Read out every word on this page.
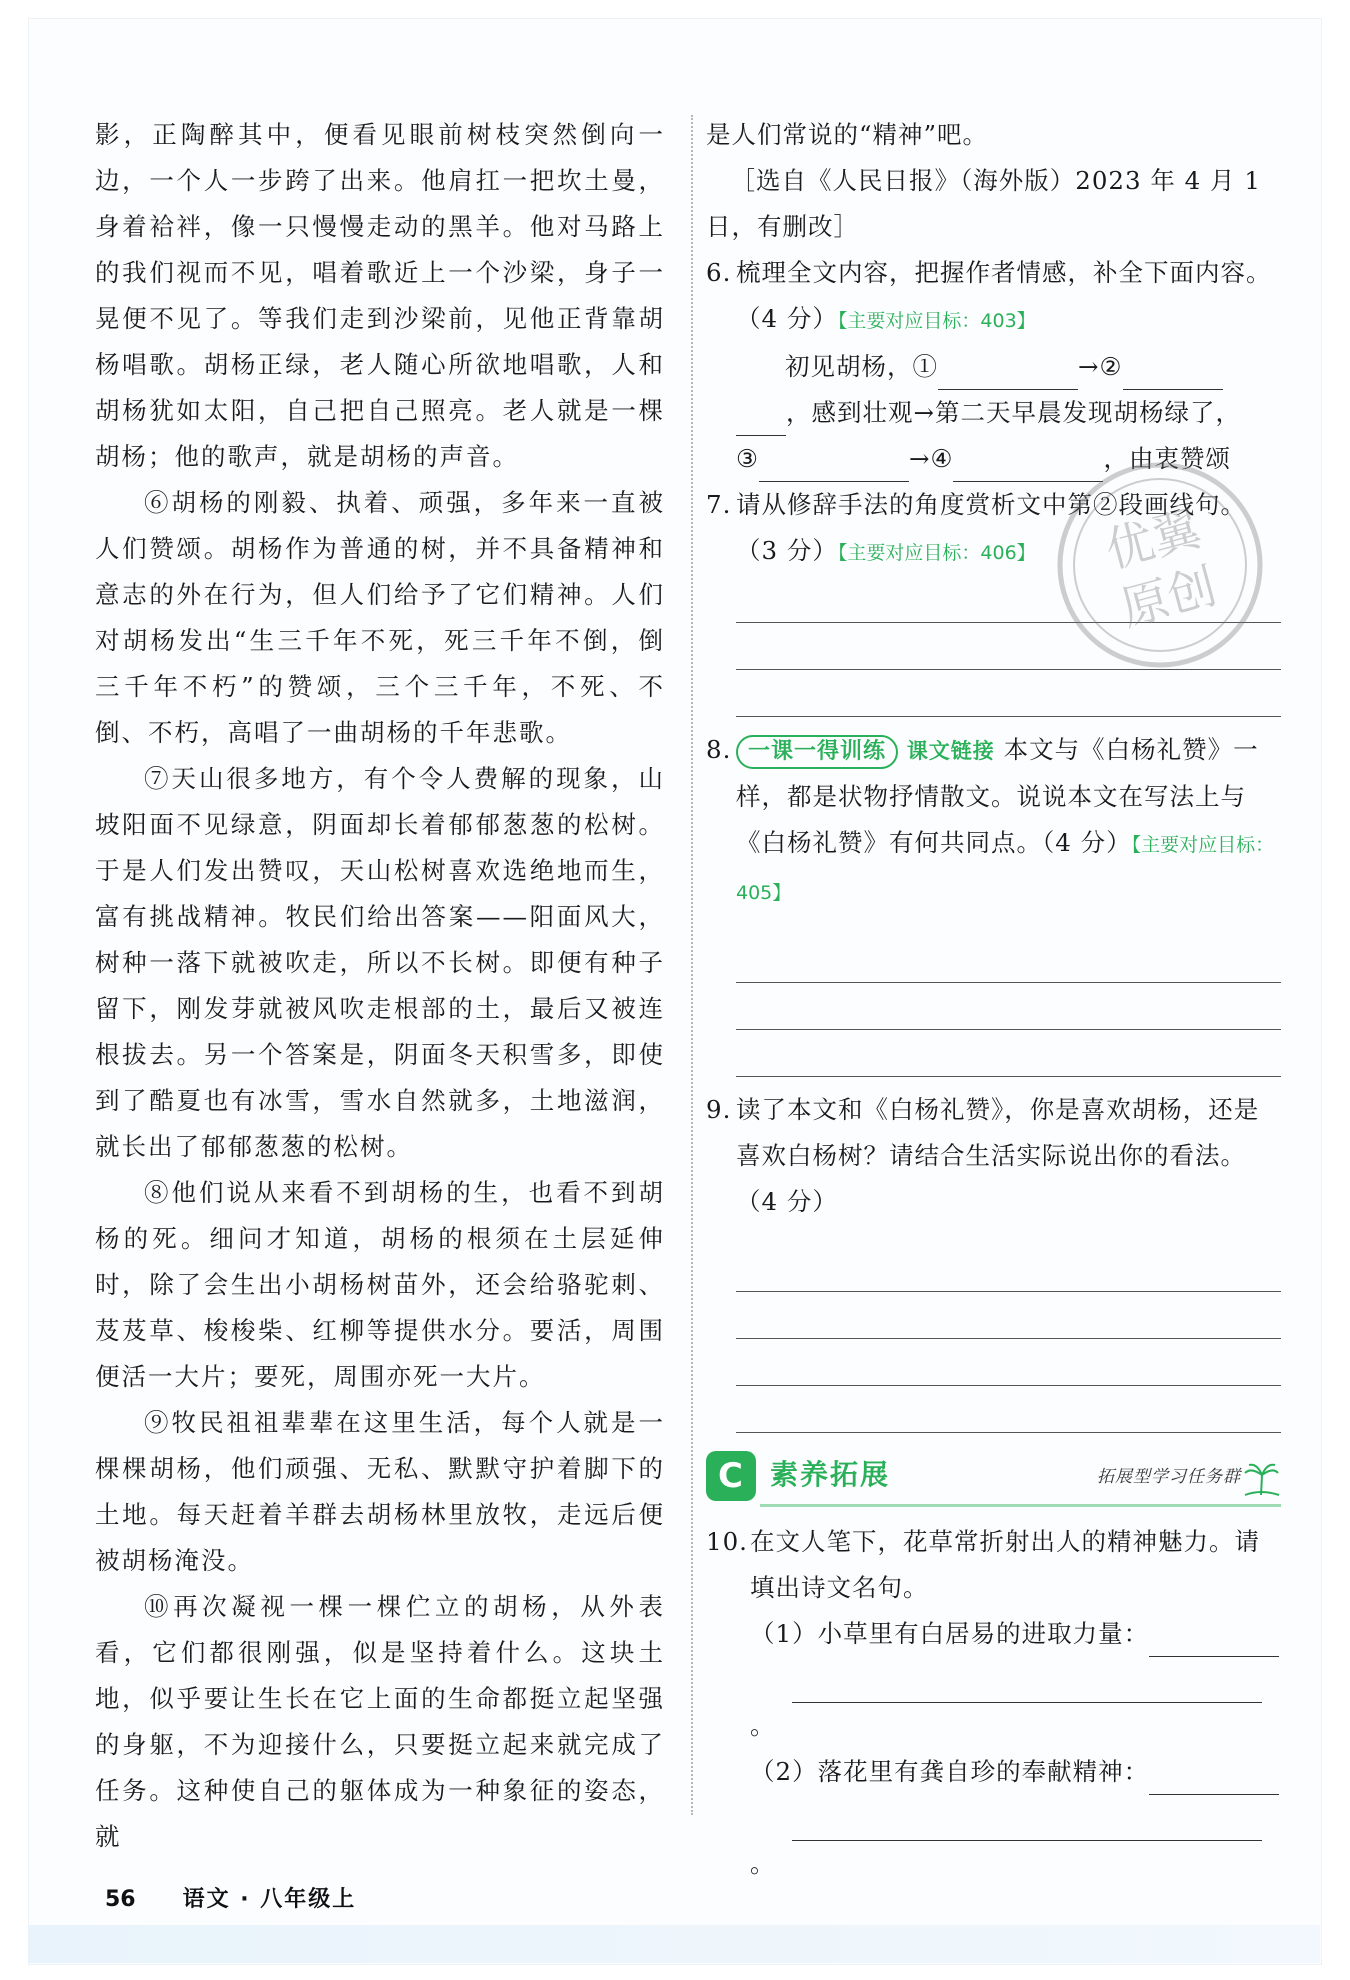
影，正陶醉其中，便看见眼前树枝突然倒向一边，一个人一步跨了出来。他肩扛一把坎土曼，身着袷袢，像一只慢慢走动的黑羊。他对马路上的我们视而不见，唱着歌近上一个沙梁，身子一晃便不见了。等我们走到沙梁前，见他正背靠胡杨唱歌。胡杨正绿，老人随心所欲地唱歌，人和胡杨犹如太阳，自己把自己照亮。老人就是一棵胡杨；他的歌声，就是胡杨的声音。

⑥胡杨的刚毅、执着、顽强，多年来一直被人们赞颂。胡杨作为普通的树，并不具备精神和意志的外在行为，但人们给予了它们精神。人们对胡杨发出“生三千年不死，死三千年不倒，倒三千年不朽”的赞颂，三个三千年，不死、不倒、不朽，高唱了一曲胡杨的千年悲歌。

⑦天山很多地方，有个令人费解的现象，山坡阳面不见绿意，阴面却长着郁郁葱葱的松树。于是人们发出赞叹，天山松树喜欢选绝地而生，富有挑战精神。牧民们给出答案——阳面风大，树种一落下就被吹走，所以不长树。即便有种子留下，刚发芽就被风吹走根部的土，最后又被连根拔去。另一个答案是，阴面冬天积雪多，即使到了酷夏也有冰雪，雪水自然就多，土地滋润，就长出了郁郁葱葱的松树。

⑧他们说从来看不到胡杨的生，也看不到胡杨的死。细问才知道，胡杨的根须在土层延伸时，除了会生出小胡杨树苗外，还会给骆驼刺、芨芨草、梭梭柴、红柳等提供水分。要活，周围便活一大片；要死，周围亦死一大片。

⑨牧民祖祖辈辈在这里生活，每个人就是一棵棵胡杨，他们顽强、无私、默默守护着脚下的土地。每天赶着羊群去胡杨林里放牧，走远后便被胡杨淹没。

⑩再次凝视一棵一棵伫立的胡杨，从外表看，它们都很刚强，似是坚持着什么。这块土地，似乎要让生长在它上面的生命都挺立起坚强的身躯，不为迎接什么，只要挺立起来就完成了任务。这种使自己的躯体成为一种象征的姿态，就

是人们常说的“精神”吧。

［选自《人民日报》（海外版）2023 年 4 月 1 日，有删改］

6. 梳理全文内容，把握作者情感，补全下面内容。
（4 分）【主要对应目标：403】
初见胡杨，①	→②
，感到壮观→第二天早晨发现胡杨绿了，
③	→④	，由衷赞颂
7. 请从修辞手法的角度赏析文中第②段画线句。
（3 分）【主要对应目标：406】
8. 一课一得训练 课文链接 本文与《白杨礼赞》一样，都是状物抒情散文。说说本文在写法上与《白杨礼赞》有何共同点。（4 分）【主要对应目标：405】
9. 读了本文和《白杨礼赞》，你是喜欢胡杨，还是喜欢白杨树？请结合生活实际说出你的看法。
（4 分）
C 素养拓展	拓展型学习任务群
10. 在文人笔下，花草常折射出人的精神魅力。请填出诗文名句。
（1）小草里有白居易的进取力量：
。
（2）落花里有龚自珍的奉献精神：
。
优翼
原创
56 语文 · 八年级上
